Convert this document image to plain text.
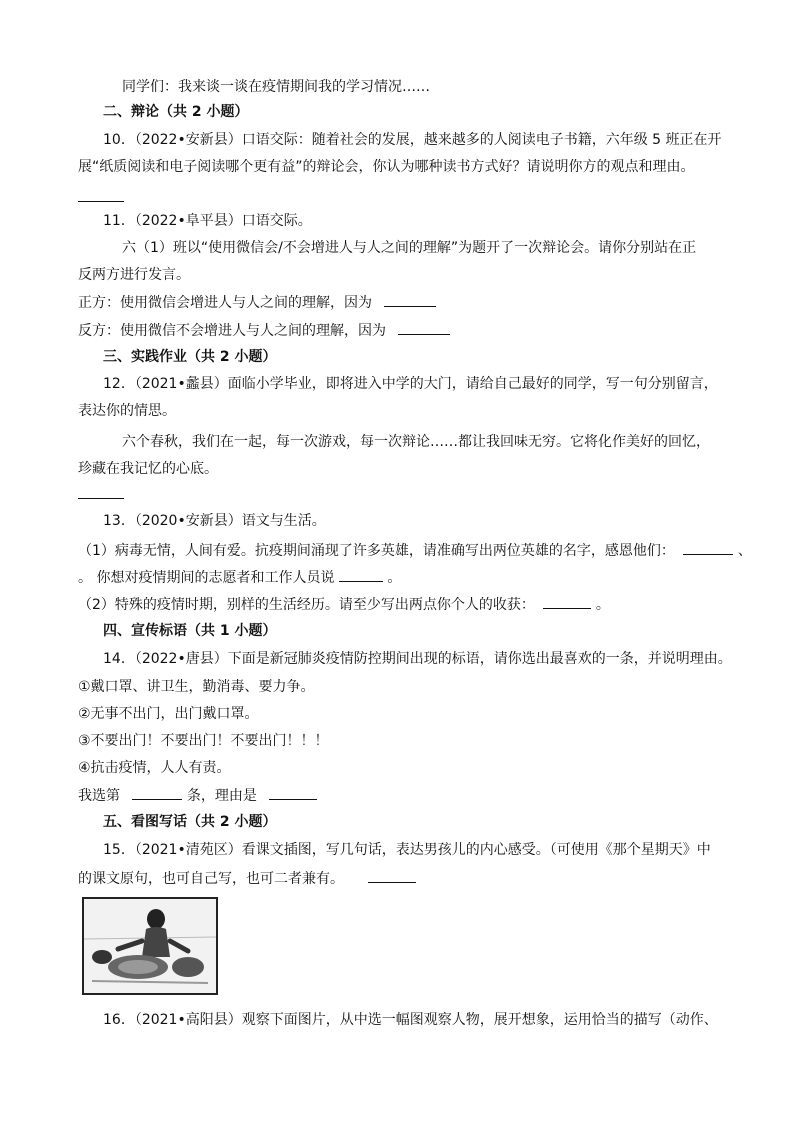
同学们：我来谈一谈在疫情期间我的学习情况……
二、辩论（共 2 小题）
10．（2022•安新县）口语交际：随着社会的发展，越来越多的人阅读电子书籍，六年级 5 班正在开
展“纸质阅读和电子阅读哪个更有益”的辩论会，你认为哪种读书方式好？请说明你方的观点和理由。
11．（2022•阜平县）口语交际。
六（1）班以“使用微信会/不会增进人与人之间的理解”为题开了一次辩论会。请你分别站在正
反两方进行发言。
正方：使用微信会增进人与人之间的理解，因为
反方：使用微信不会增进人与人之间的理解，因为
三、实践作业（共 2 小题）
12．（2021•蠡县）面临小学毕业，即将进入中学的大门，请给自己最好的同学，写一句分别留言，
表达你的情思。
六个春秋，我们在一起，每一次游戏，每一次辩论……都让我回味无穷。它将化作美好的回忆，
珍藏在我记忆的心底。
13．（2020•安新县）语文与生活。
（1）病毒无情，人间有爱。抗疫期间涌现了许多英雄，请准确写出两位英雄的名字，感恩他们：	、
。 你想对疫情期间的志愿者和工作人员说	。
（2）特殊的疫情时期，别样的生活经历。请至少写出两点你个人的收获：	。
四、宣传标语（共 1 小题）
14．（2022•唐县）下面是新冠肺炎疫情防控期间出现的标语，请你选出最喜欢的一条，并说明理由。
①戴口罩、讲卫生，勤消毒、要力争。
②无事不出门，出门戴口罩。
③不要出门！不要出门！不要出门！！！
④抗击疫情，人人有责。
我选第	条，理由是
五、看图写话（共 2 小题）
15．（2021•清苑区）看课文插图，写几句话，表达男孩儿的内心感受。（可使用《那个星期天》中
的课文原句，也可自己写，也可二者兼有。
16．（2021•高阳县）观察下面图片，从中选一幅图观察人物，展开想象，运用恰当的描写（动作、
